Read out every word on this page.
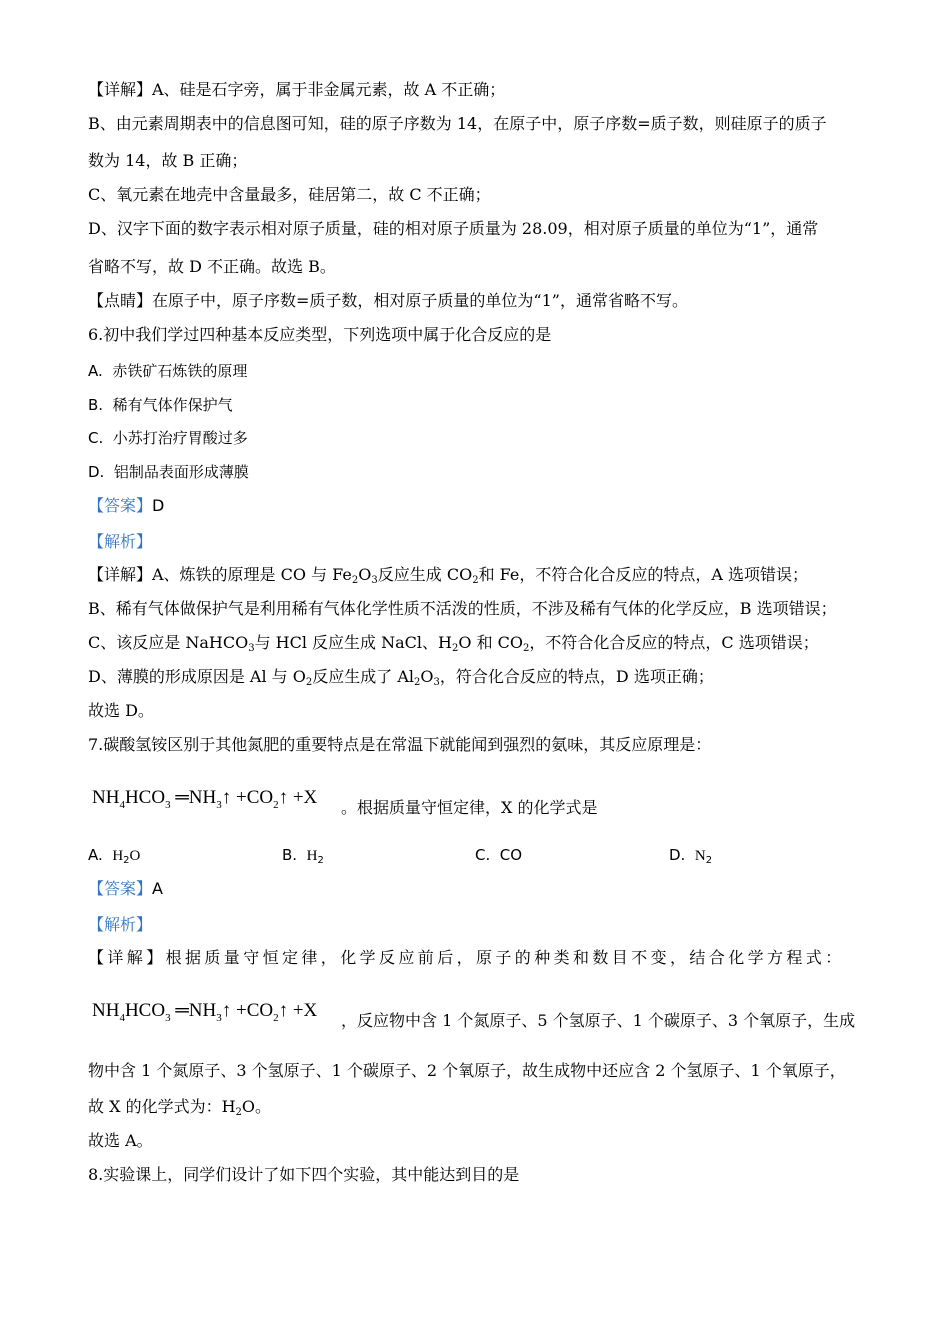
【详解】A、硅是石字旁，属于非金属元素，故 A 不正确；
B、由元素周期表中的信息图可知，硅的原子序数为 14，在原子中，原子序数=质子数，则硅原子的质子
数为 14，故 B 正确；
C、氧元素在地壳中含量最多，硅居第二，故 C 不正确；
D、汉字下面的数字表示相对原子质量，硅的相对原子质量为 28.09，相对原子质量的单位为“1”，通常
省略不写，故 D 不正确。故选 B。
【点睛】在原子中，原子序数=质子数，相对原子质量的单位为“1”，通常省略不写。
6.初中我们学过四种基本反应类型，下列选项中属于化合反应的是
A. 赤铁矿石炼铁的原理
B. 稀有气体作保护气
C. 小苏打治疗胃酸过多
D. 铝制品表面形成薄膜
【答案】D
【解析】
【详解】A、炼铁的原理是 CO 与 $Fe_2O_3$反应生成 $CO_2$和 Fe，不符合化合反应的特点，A 选项错误；
B、稀有气体做保护气是利用稀有气体化学性质不活泼的性质，不涉及稀有气体的化学反应，B 选项错误；
C、该反应是 NaHCO$_3$与 HCl 反应生成 NaCl、$H_2O$ 和 $CO_2$，不符合化合反应的特点，C 选项错误；
D、薄膜的形成原因是 Al 与 $O_2$反应生成了 $Al_2O_3$，符合化合反应的特点，D 选项正确；
故选 D。
7.碳酸氢铵区别于其他氮肥的重要特点是在常温下就能闻到强烈的氨味，其反应原理是：
$NH_4HCO_3$ $═NH_3↑$ $+CO_2↑ +X$ 。根据质量守恒定律，X 的化学式是
A. $H_2O$	B. $H_2$	C. CO	D. $N_2$
【答案】A
【解析】
【详解】根据质量守恒定律，化学反应前后，原子的种类和数目不变，结合化学方程式：
$NH_4HCO_3$ $═NH_3↑$ $+CO_2↑ +X$ ，反应物中含 1 个氮原子、5 个氢原子、1 个碳原子、3 个氧原子，生成
物中含 1 个氮原子、3 个氢原子、1 个碳原子、2 个氧原子，故生成物中还应含 2 个氢原子、1 个氧原子，
故 X 的化学式为：$H_2O$。
故选 A。
8.实验课上，同学们设计了如下四个实验，其中能达到目的是
